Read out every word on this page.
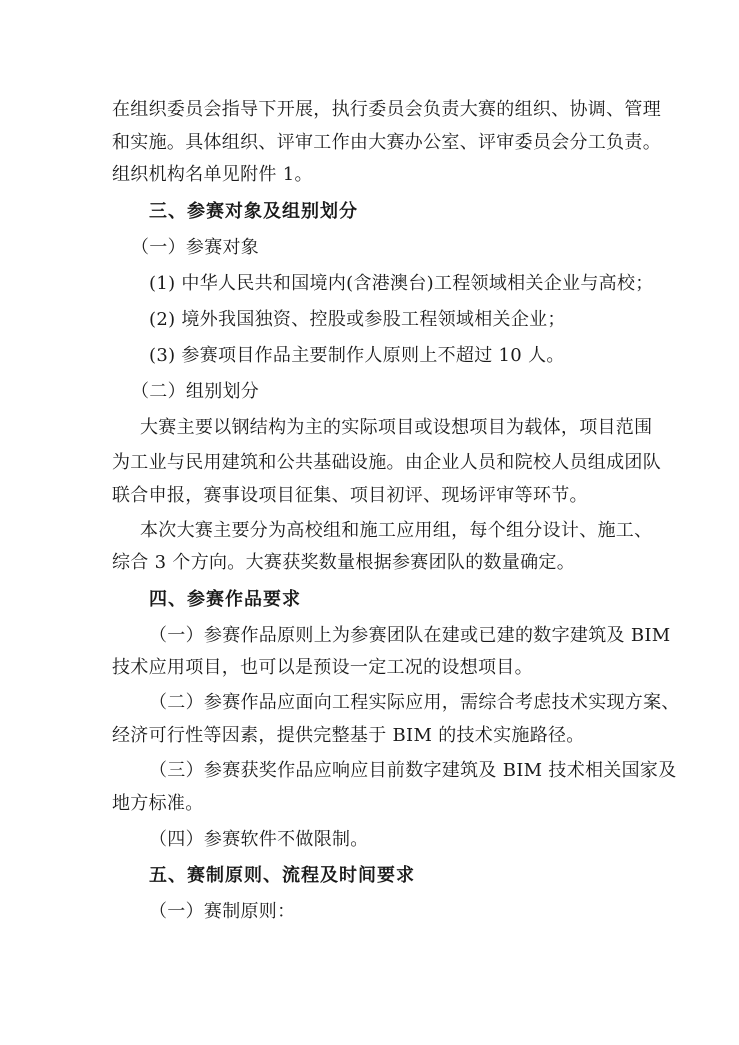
在组织委员会指导下开展，执行委员会负责大赛的组织、协调、管理
和实施。具体组织、评审工作由大赛办公室、评审委员会分工负责。
组织机构名单见附件 1。
三、参赛对象及组别划分
（一）参赛对象
(1) 中华人民共和国境内(含港澳台)工程领域相关企业与高校；
(2) 境外我国独资、控股或参股工程领域相关企业；
(3) 参赛项目作品主要制作人原则上不超过 10 人。
（二）组别划分
大赛主要以钢结构为主的实际项目或设想项目为载体，项目范围
为工业与民用建筑和公共基础设施。由企业人员和院校人员组成团队
联合申报，赛事设项目征集、项目初评、现场评审等环节。
本次大赛主要分为高校组和施工应用组，每个组分设计、施工、
综合 3 个方向。大赛获奖数量根据参赛团队的数量确定。
四、参赛作品要求
（一）参赛作品原则上为参赛团队在建或已建的数字建筑及 BIM
技术应用项目，也可以是预设一定工况的设想项目。
（二）参赛作品应面向工程实际应用，需综合考虑技术实现方案、
经济可行性等因素，提供完整基于 BIM 的技术实施路径。
（三）参赛获奖作品应响应目前数字建筑及 BIM 技术相关国家及
地方标准。
（四）参赛软件不做限制。
五、赛制原则、流程及时间要求
（一）赛制原则：
